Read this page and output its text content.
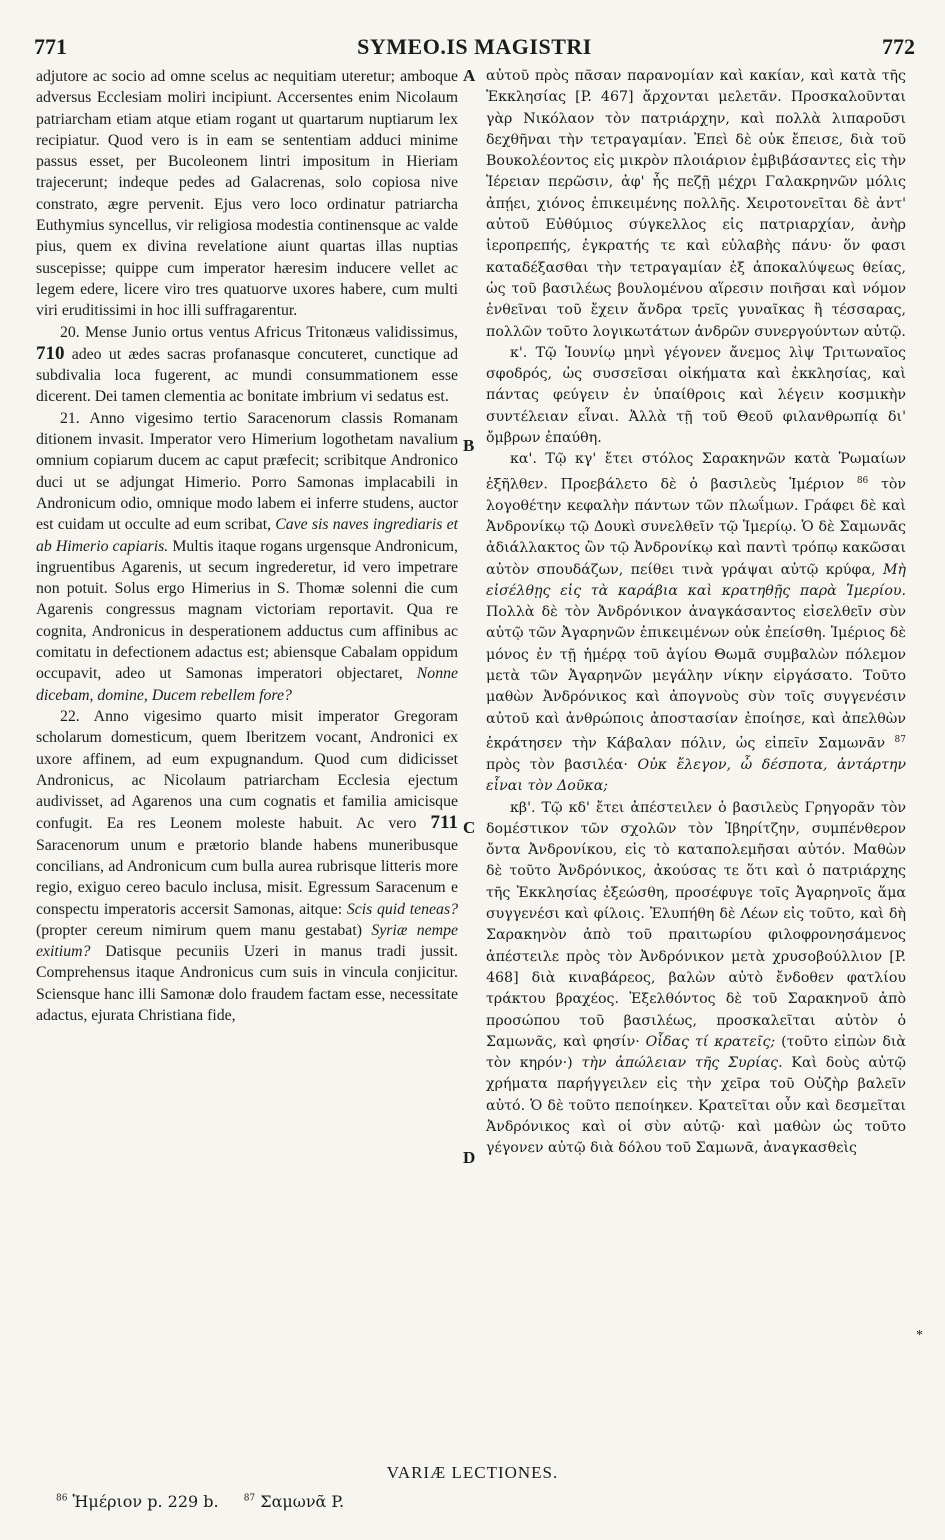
771	SYMEO⁠.⁠IS MAGISTRI	772
A
B
C
D

adjutore ac socio ad omne scelus ac nequitiam uteretur; amboque adversus Ecclesiam moliri incipiunt. Accersentes enim Nicolaum patriarcham etiam atque etiam rogant ut quartarum nuptiarum lex recipiatur. Quod vero is in eam se sententiam adduci minime passus esset, per Bucoleonem lintri impositum in Hieriam trajecerunt; indeque pedes ad Galacrenas, solo copiosa nive constrato, ægre pervenit. Ejus vero loco ordinatur patriarcha Euthymius syncellus, vir religiosa modestia continensque ac valde pius, quem ex divina revelatione aiunt quartas illas nuptias suscepisse; quippe cum imperator hæresim inducere vellet ac legem edere, licere viro tres quatuorve uxores habere, cum multi viri eruditissimi in hoc illi suffragarentur.

20. Mense Junio ortus ventus Africus Tritonæus validissimus, 710 adeo ut ædes sacras profanasque concuteret, cunctique ad subdivalia loca fugerent, ac mundi consummationem esse dicerent. Dei tamen clementia ac bonitate imbrium vi sedatus est.

21. Anno vigesimo tertio Saracenorum classis Romanam ditionem invasit. Imperator vero Himerium logothetam navalium omnium copiarum ducem ac caput præfecit; scribitque Andronico duci ut se adjungat Himerio. Porro Samonas implacabili in Andronicum odio, omnique modo labem ei inferre studens, auctor est cuidam ut occulte ad eum scribat, Cave sis naves ingrediaris et ab Himerio capiaris. Multis itaque rogans urgensque Andronicum, ingruentibus Agarenis, ut secum ingrederetur, id vero impetrare non potuit. Solus ergo Himerius in S. Thomæ solenni die cum Agarenis congressus magnam victoriam reportavit. Qua re cognita, Andronicus in desperationem adductus cum affinibus ac comitatu in defectionem adactus est; abiensque Cabalam oppidum occupavit, adeo ut Samonas imperatori objectaret, Nonne dicebam, domine, Ducem rebellem fore?

22. Anno vigesimo quarto misit imperator Gregoram scholarum domesticum, quem Iberitzem vocant, Andronici ex uxore affinem, ad eum expugnandum. Quod cum didicisset Andronicus, ac Nicolaum patriarcham Ecclesia ejectum audivisset, ad Agarenos una cum cognatis et familia amicisque confugit. Ea res Leonem moleste habuit. Ac vero 711 Saracenorum unum e prætorio blande habens muneribusque concilians, ad Andronicum cum bulla aurea rubrisque litteris more regio, exiguo cereo baculo inclusa, misit. Egressum Saracenum e conspectu imperatoris accersit Samonas, aitque: Scis quid teneas? (propter cereum nimirum quem manu gestabat) Syriæ nempe exitium? Datisque pecuniis Uzeri in manus tradi jussit. Comprehensus itaque Andronicus cum suis in vincula conjicitur. Sciensque hanc illi Samonæ dolo fraudem factam esse, necessitate adactus, ejurata Christiana fide,

αὐτοῦ πρὸς πᾶσαν παρανομίαν καὶ κακίαν, καὶ κατὰ τῆς Ἐκκλησίας [P. 467] ἄρχονται μελετᾶν. Προσκαλοῦνται γὰρ Νικόλαον τὸν πατριάρχην, καὶ πολλὰ λιπαροῦσι δεχθῆναι τὴν τετραγαμίαν. Ἐπεὶ δὲ οὐκ ἔπεισε, διὰ τοῦ Βουκολέοντος εἰς μικρὸν πλοιάριον ἐμβιβάσαντες εἰς τὴν Ἱέρειαν περῶσιν, ἀφ' ἧς πεζῇ μέχρι Γαλακρηνῶν μόλις ἀπῄει, χιόνος ἐπικειμένης πολλῆς. Χειροτονεῖται δὲ ἀντ' αὐτοῦ Εὐθύμιος σύγκελλος εἰς πατριαρχίαν, ἀνὴρ ἱεροπρεπής, ἐγκρατής τε καὶ εὐλαβὴς πάνυ· ὅν φασι καταδέξασθαι τὴν τετραγαμίαν ἐξ ἀποκαλύψεως θείας, ὡς τοῦ βασιλέως βουλομένου αἵρεσιν ποιῆσαι καὶ νόμον ἐνθεῖναι τοῦ ἔχειν ἄνδρα τρεῖς γυναῖκας ἢ τέσσαρας, πολλῶν τοῦτο λογικωτάτων ἀνδρῶν συνεργούντων αὐτῷ.

κ'. Τῷ Ἰουνίῳ μηνὶ γέγονεν ἄνεμος λὶψ Τριτωναῖος σφοδρός, ὡς συσσεῖσαι οἰκήματα καὶ ἐκκλησίας, καὶ πάντας φεύγειν ἐν ὑπαίθροις καὶ λέγειν κοσμικὴν συντέλειαν εἶναι. Ἀλλὰ τῇ τοῦ Θεοῦ φιλανθρωπίᾳ δι' ὄμβρων ἐπαύθη.

κα'. Τῷ κγ' ἔτει στόλος Σαρακηνῶν κατὰ Ῥωμαίων ἐξῆλθεν. Προεβάλετο δὲ ὁ βασιλεὺς Ἱμέριον $^{86}$ τὸν λογοθέτην κεφαλὴν πάντων τῶν πλωΐμων. Γράφει δὲ καὶ Ἀνδρονίκῳ τῷ Δουκὶ συνελθεῖν τῷ Ἱμερίῳ. Ὁ δὲ Σαμωνᾶς ἀδιάλλακτος ὢν τῷ Ἀνδρονίκῳ καὶ παντὶ τρόπῳ κακῶσαι αὐτὸν σπουδάζων, πείθει τινὰ γράψαι αὐτῷ κρύφα, Μὴ εἰσέλθῃς εἰς τὰ καράβια καὶ κρατηθῇς παρὰ Ἱμερίου. Πολλὰ δὲ τὸν Ἀνδρόνικον ἀναγκάσαντος εἰσελθεῖν σὺν αὐτῷ τῶν Ἀγαρηνῶν ἐπικειμένων οὐκ ἐπείσθη. Ἱμέριος δὲ μόνος ἐν τῇ ἡμέρᾳ τοῦ ἁγίου Θωμᾶ συμβαλὼν πόλεμον μετὰ τῶν Ἀγαρηνῶν μεγάλην νίκην εἰργάσατο. Τοῦτο μαθὼν Ἀνδρόνικος καὶ ἀπογνοὺς σὺν τοῖς συγγενέσιν αὐτοῦ καὶ ἀνθρώποις ἀποστασίαν ἐποίησε, καὶ ἀπελθὼν ἐκράτησεν τὴν Κάβαλαν πόλιν, ὡς εἰπεῖν Σαμωνᾶν $^{87}$ πρὸς τὸν βασιλέα· Οὐκ ἔλεγον, ὦ δέσποτα, ἀντάρτην εἶναι τὸν Δοῦκα;

κβ'. Τῷ κδ' ἔτει ἀπέστειλεν ὁ βασιλεὺς Γρηγορᾶν τὸν δομέστικον τῶν σχολῶν τὸν Ἰβηρίτζην, συμπένθερον ὄντα Ἀνδρονίκου, εἰς τὸ καταπολεμῆσαι αὐτόν. Μαθὼν δὲ τοῦτο Ἀνδρόνικος, ἀκούσας τε ὅτι καὶ ὁ πατριάρχης τῆς Ἐκκλησίας ἐξεώσθη, προσέφυγε τοῖς Ἀγαρηνοῖς ἅμα συγγενέσι καὶ φίλοις. Ἐλυπήθη δὲ Λέων εἰς τοῦτο, καὶ δὴ Σαρακηνὸν ἀπὸ τοῦ πραιτωρίου φιλοφρονησάμενος ἀπέστειλε πρὸς τὸν Ἀνδρόνικον μετὰ χρυσοβούλλιον [P. 468] διὰ κιναβάρεος, βαλὼν αὐτὸ ἔνδοθεν φατλίου τράκτου βραχέος. Ἐξελθόντος δὲ τοῦ Σαρακηνοῦ ἀπὸ προσώπου τοῦ βασιλέως, προσκαλεῖται αὐτὸν ὁ Σαμωνᾶς, καὶ φησίν· Οἶδας τί κρατεῖς; (τοῦτο εἰπὼν διὰ τὸν κηρόν·) τὴν ἀπώλειαν τῆς Συρίας. Καὶ δοὺς αὐτῷ χρήματα παρήγγειλεν εἰς τὴν χεῖρα τοῦ Οὐζὴρ βαλεῖν αὐτό. Ὁ δὲ τοῦτο πεποίηκεν. Κρατεῖται οὖν καὶ δεσμεῖται Ἀνδρόνικος καὶ οἱ σὺν αὐτῷ· καὶ μαθὼν ὡς τοῦτο γέγονεν αὐτῷ διὰ δόλου τοῦ Σαμωνᾶ, ἀναγκασθεὶς

*
VARIÆ LECTIONES.
$^{86}$ Ἡμέριον p. 229 b.	$^{87}$ Σαμωνᾶ P.
